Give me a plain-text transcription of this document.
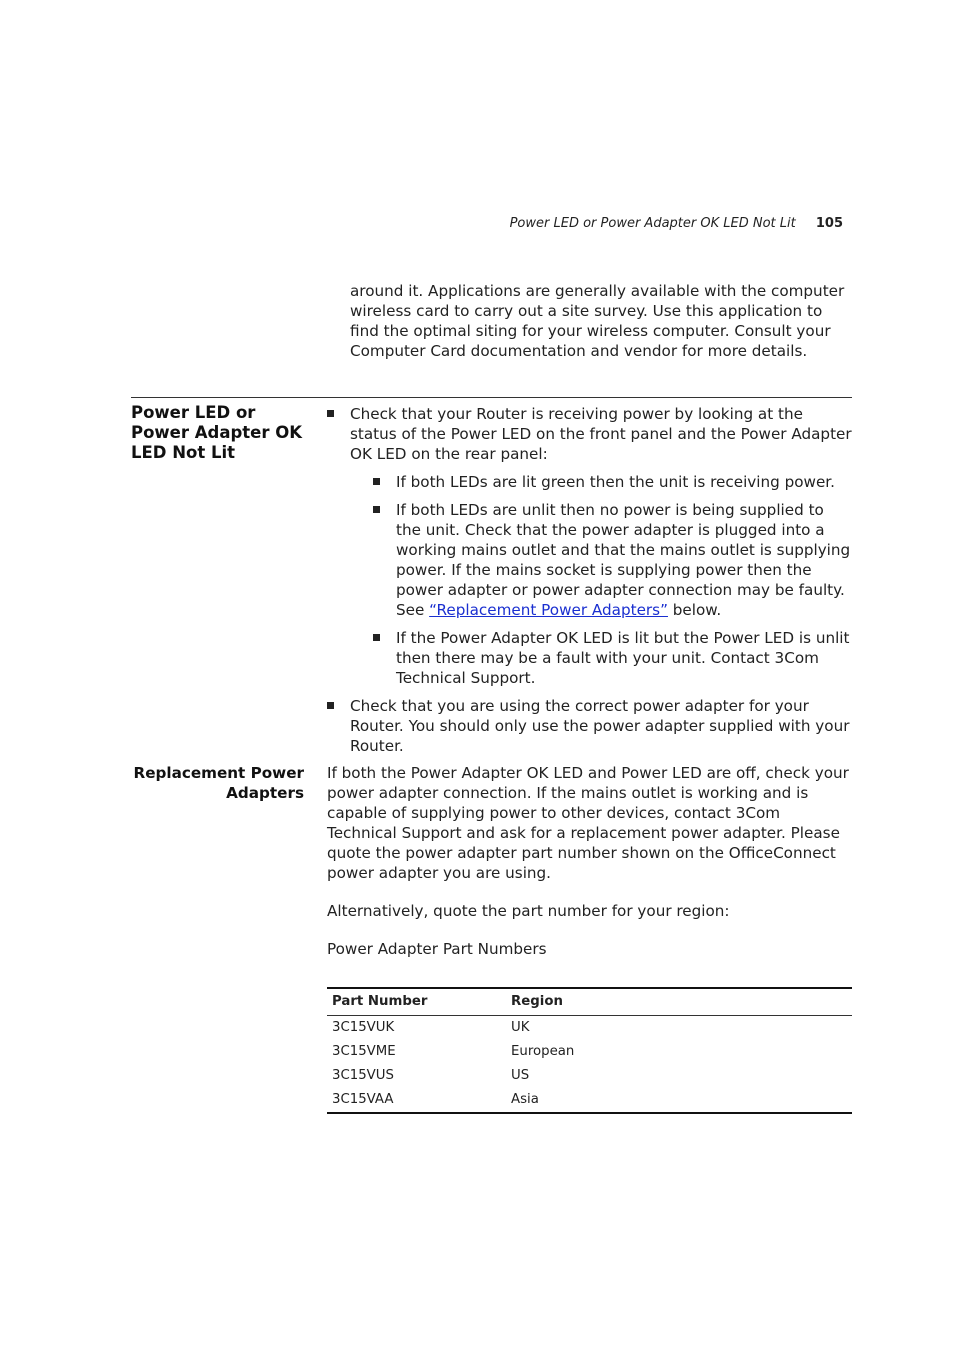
Power LED or Power Adapter OK LED Not Lit 105

around it. Applications are generally available with the computer wireless card to carry out a site survey. Use this application to find the optimal siting for your wireless computer. Consult your Computer Card documentation and vendor for more details.

Power LED or Power Adapter OK LED Not Lit
Check that your Router is receiving power by looking at the status of the Power LED on the front panel and the Power Adapter OK LED on the rear panel:
If both LEDs are lit green then the unit is receiving power.
If both LEDs are unlit then no power is being supplied to the unit. Check that the power adapter is plugged into a working mains outlet and that the mains outlet is supplying power. If the mains socket is supplying power then the power adapter or power adapter connection may be faulty. See “Replacement Power Adapters” below.
If the Power Adapter OK LED is lit but the Power LED is unlit then there may be a fault with your unit. Contact 3Com Technical Support.
Check that you are using the correct power adapter for your Router. You should only use the power adapter supplied with your Router.
Replacement Power Adapters

If both the Power Adapter OK LED and Power LED are off, check your power adapter connection. If the mains outlet is working and is capable of supplying power to other devices, contact 3Com Technical Support and ask for a replacement power adapter. Please quote the power adapter part number shown on the OfficeConnect power adapter you are using.

Alternatively, quote the part number for your region:

Power Adapter Part Numbers

Part Number	Region
3C15VUK	UK
3C15VME	European
3C15VUS	US
3C15VAA	Asia
